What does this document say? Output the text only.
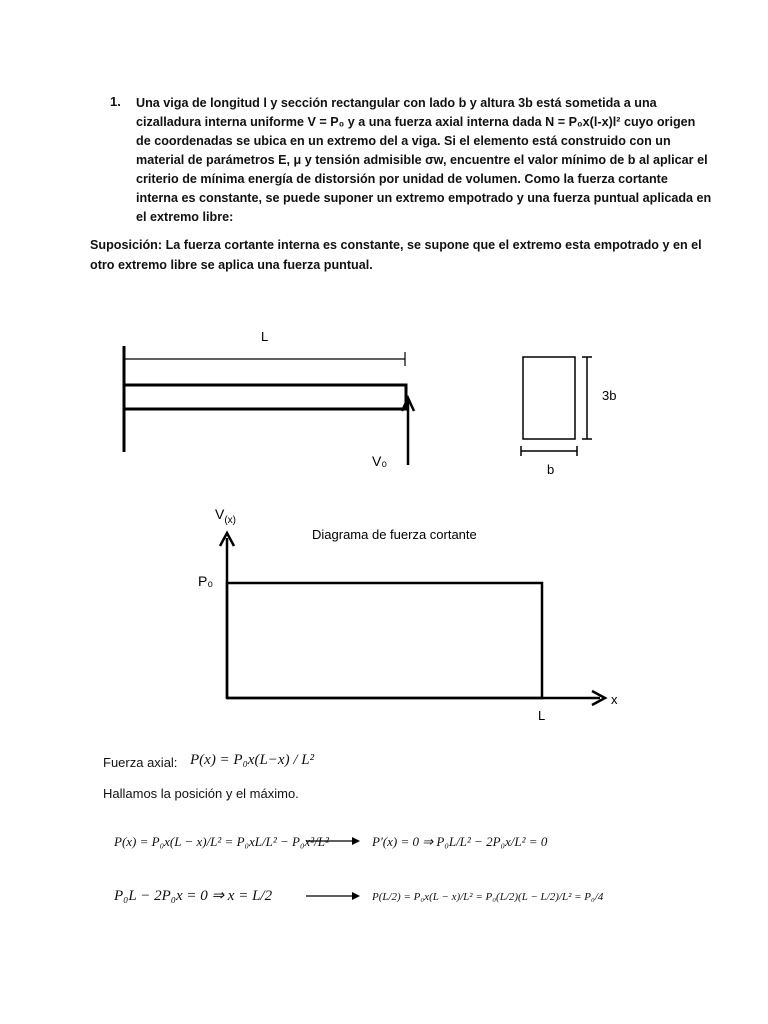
1. Una viga de longitud l y sección rectangular con lado b y altura 3b está sometida a una
cizalladura interna uniforme V = P₀ y a una fuerza axial interna dada N = P₀x(l-x)l² cuyo origen
de coordenadas se ubica en un extremo del a viga. Si el elemento está construido con un
material de parámetros E, μ y tensión admisible σw, encuentre el valor mínimo de b al aplicar el
criterio de mínima energía de distorsión por unidad de volumen. Como la fuerza cortante
interna es constante, se puede suponer un extremo empotrado y una fuerza puntual aplicada en
el extremo libre:
Suposición: La fuerza cortante interna es constante, se supone que el extremo esta empotrado y en el
otro extremo libre se aplica una fuerza puntual.
L
V₀
3b
b
$V_{(x)}$
Diagrama de fuerza cortante
P₀
x
L
Fuerza axial: P(x) = P₀x(L−x) / L²
Hallamos la posición y el máximo.
P(x) = P₀x(L − x)/L² = P₀xL/L² − P₀x²/L²	P′(x) = 0 ⇒ P₀L/L² − 2P₀x/L² = 0
P₀L − 2P₀x = 0 ⇒ x = L/2	P(L/2) = P₀x(L − x)/L² = P₀(L/2)(L − L/2)/L² = P₀/4
